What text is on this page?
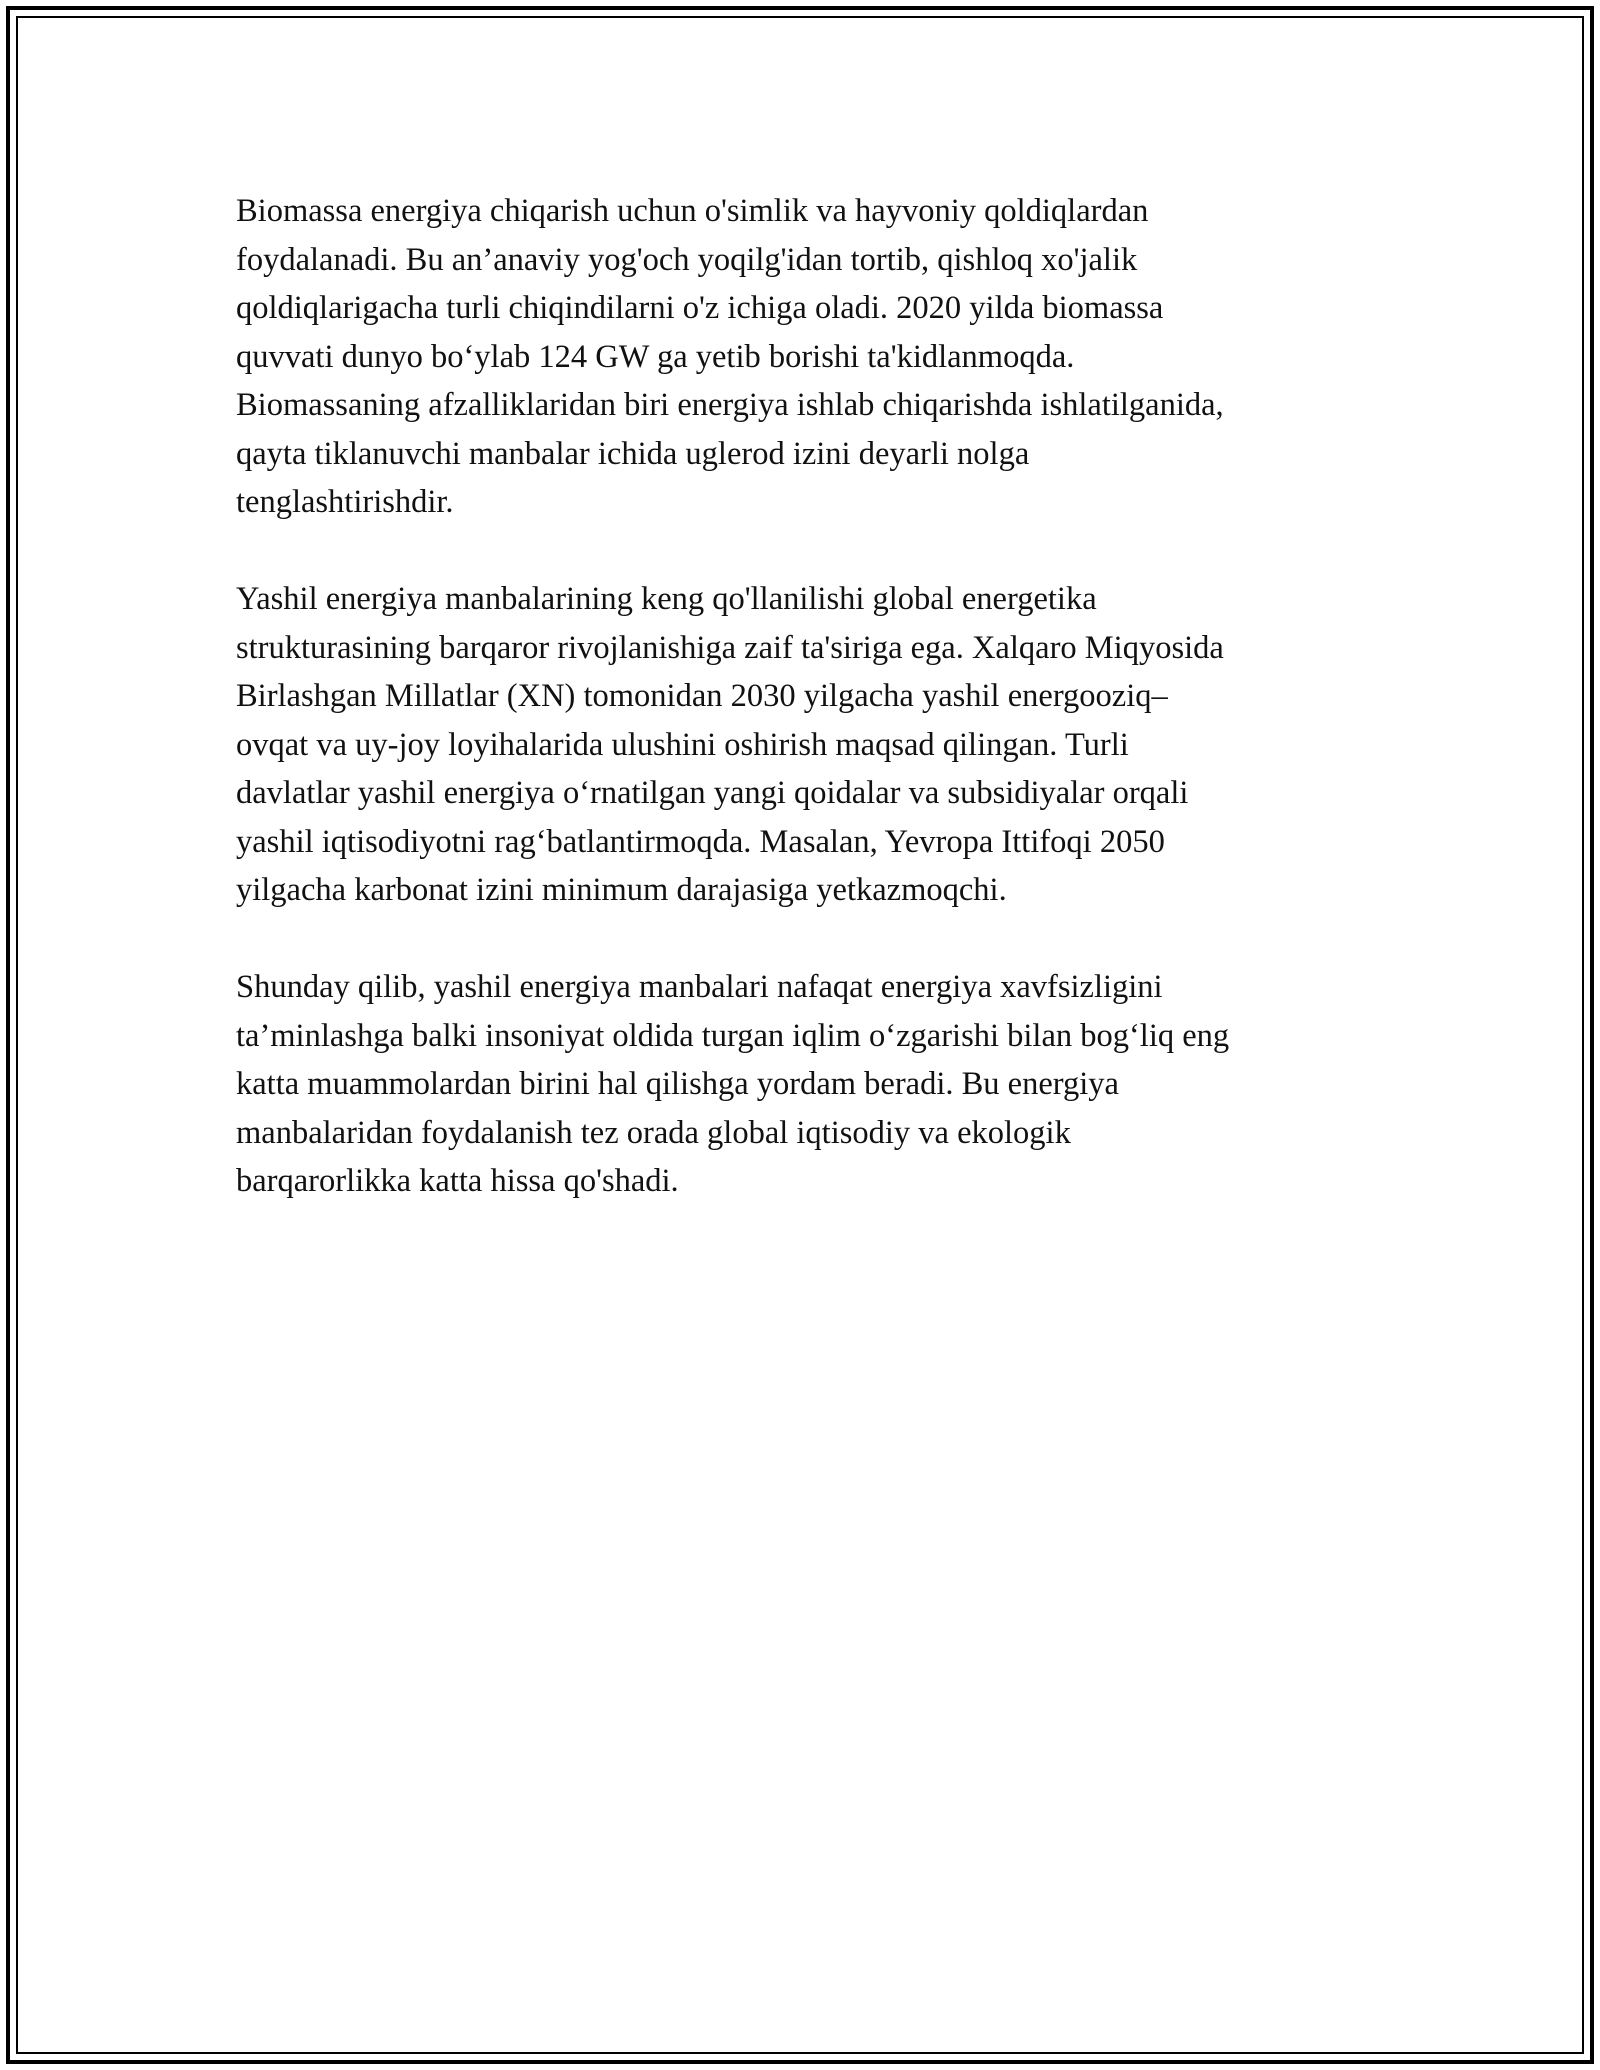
Biomassa energiya chiqarish uchun o'simlik va hayvoniy qoldiqlardan
foydalanadi. Bu an’anaviy yog'och yoqilg'idan tortib, qishloq xo'jalik
qoldiqlarigacha turli chiqindilarni o'z ichiga oladi. 2020 yilda biomassa
quvvati dunyo bo‘ylab 124 GW ga yetib borishi ta'kidlanmoqda.
Biomassaning afzalliklaridan biri energiya ishlab chiqarishda ishlatilganida,
qayta tiklanuvchi manbalar ichida uglerod izini deyarli nolga
tenglashtirishdir.

Yashil energiya manbalarining keng qo'llanilishi global energetika
strukturasining barqaror rivojlanishiga zaif ta'siriga ega. Xalqaro Miqyosida
Birlashgan Millatlar (XN) tomonidan 2030 yilgacha yashil energooziq–
ovqat va uy-joy loyihalarida ulushini oshirish maqsad qilingan. Turli
davlatlar yashil energiya o‘rnatilgan yangi qoidalar va subsidiyalar orqali
yashil iqtisodiyotni rag‘batlantirmoqda. Masalan, Yevropa Ittifoqi 2050
yilgacha karbonat izini minimum darajasiga yetkazmoqchi.

Shunday qilib, yashil energiya manbalari nafaqat energiya xavfsizligini
ta’minlashga balki insoniyat oldida turgan iqlim o‘zgarishi bilan bog‘liq eng
katta muammolardan birini hal qilishga yordam beradi. Bu energiya
manbalaridan foydalanish tez orada global iqtisodiy va ekologik
barqarorlikka katta hissa qo'shadi.
